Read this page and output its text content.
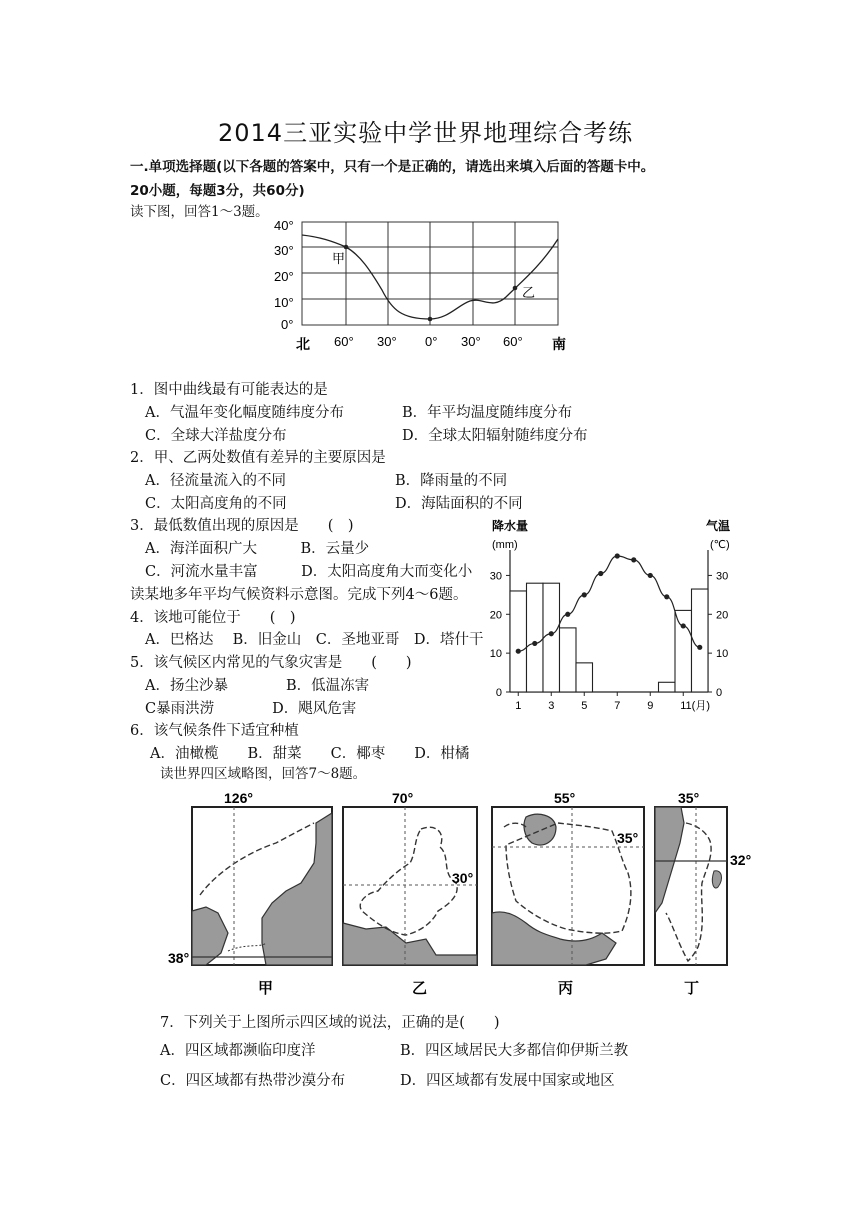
2014三亚实验中学世界地理综合考练
一.单项选择题(以下各题的答案中，只有一个是正确的，请选出来填入后面的答题卡中。
20小题，每题3分，共60分)
读下图，回答1～3题。
甲
乙
40°
30°
20°
10°
0°
北 60° 30° 0° 30° 60° 南
1．图中曲线最有可能表达的是
A．气温年变化幅度随纬度分布	B．年平均温度随纬度分布
C．全球大洋盐度分布	D．全球太阳辐射随纬度分布
2．甲、乙两处数值有差异的主要原因是
A．径流量流入的不同	B．降雨量的不同
C．太阳高度角的不同	D．海陆面积的不同
3．最低数值出现的原因是　　(　)
A．海洋面积广大　　　B．云量少
C．河流水量丰富　　　D．太阳高度角大而变化小
读某地多年平均气候资料示意图。完成下列4～6题。
4．该地可能位于　　(　)
A．巴格达　 B．旧金山　C．圣地亚哥　D．塔什干
5．该气候区内常见的气象灾害是　　(　　)
A．扬尘沙暴　　　　B．低温冻害
C暴雨洪涝　　　　D．飓风危害
6．该气候条件下适宜种植
A．油橄榄　　B．甜菜　　C．椰枣　　D．柑橘
读世界四区域略图，回答7～8题。
降水量
(mm)
气温
(℃)
0	0
10	10
20	20
30	30
1 3 5 7 9 11(月)
126°
38°
甲
70°
30°
乙
55°
35°
丙
35°
32°
丁
7．下列关于上图所示四区域的说法，正确的是(　　)
A．四区域都濒临印度洋	B．四区域居民大多都信仰伊斯兰教
C．四区域都有热带沙漠分布	D．四区域都有发展中国家或地区
